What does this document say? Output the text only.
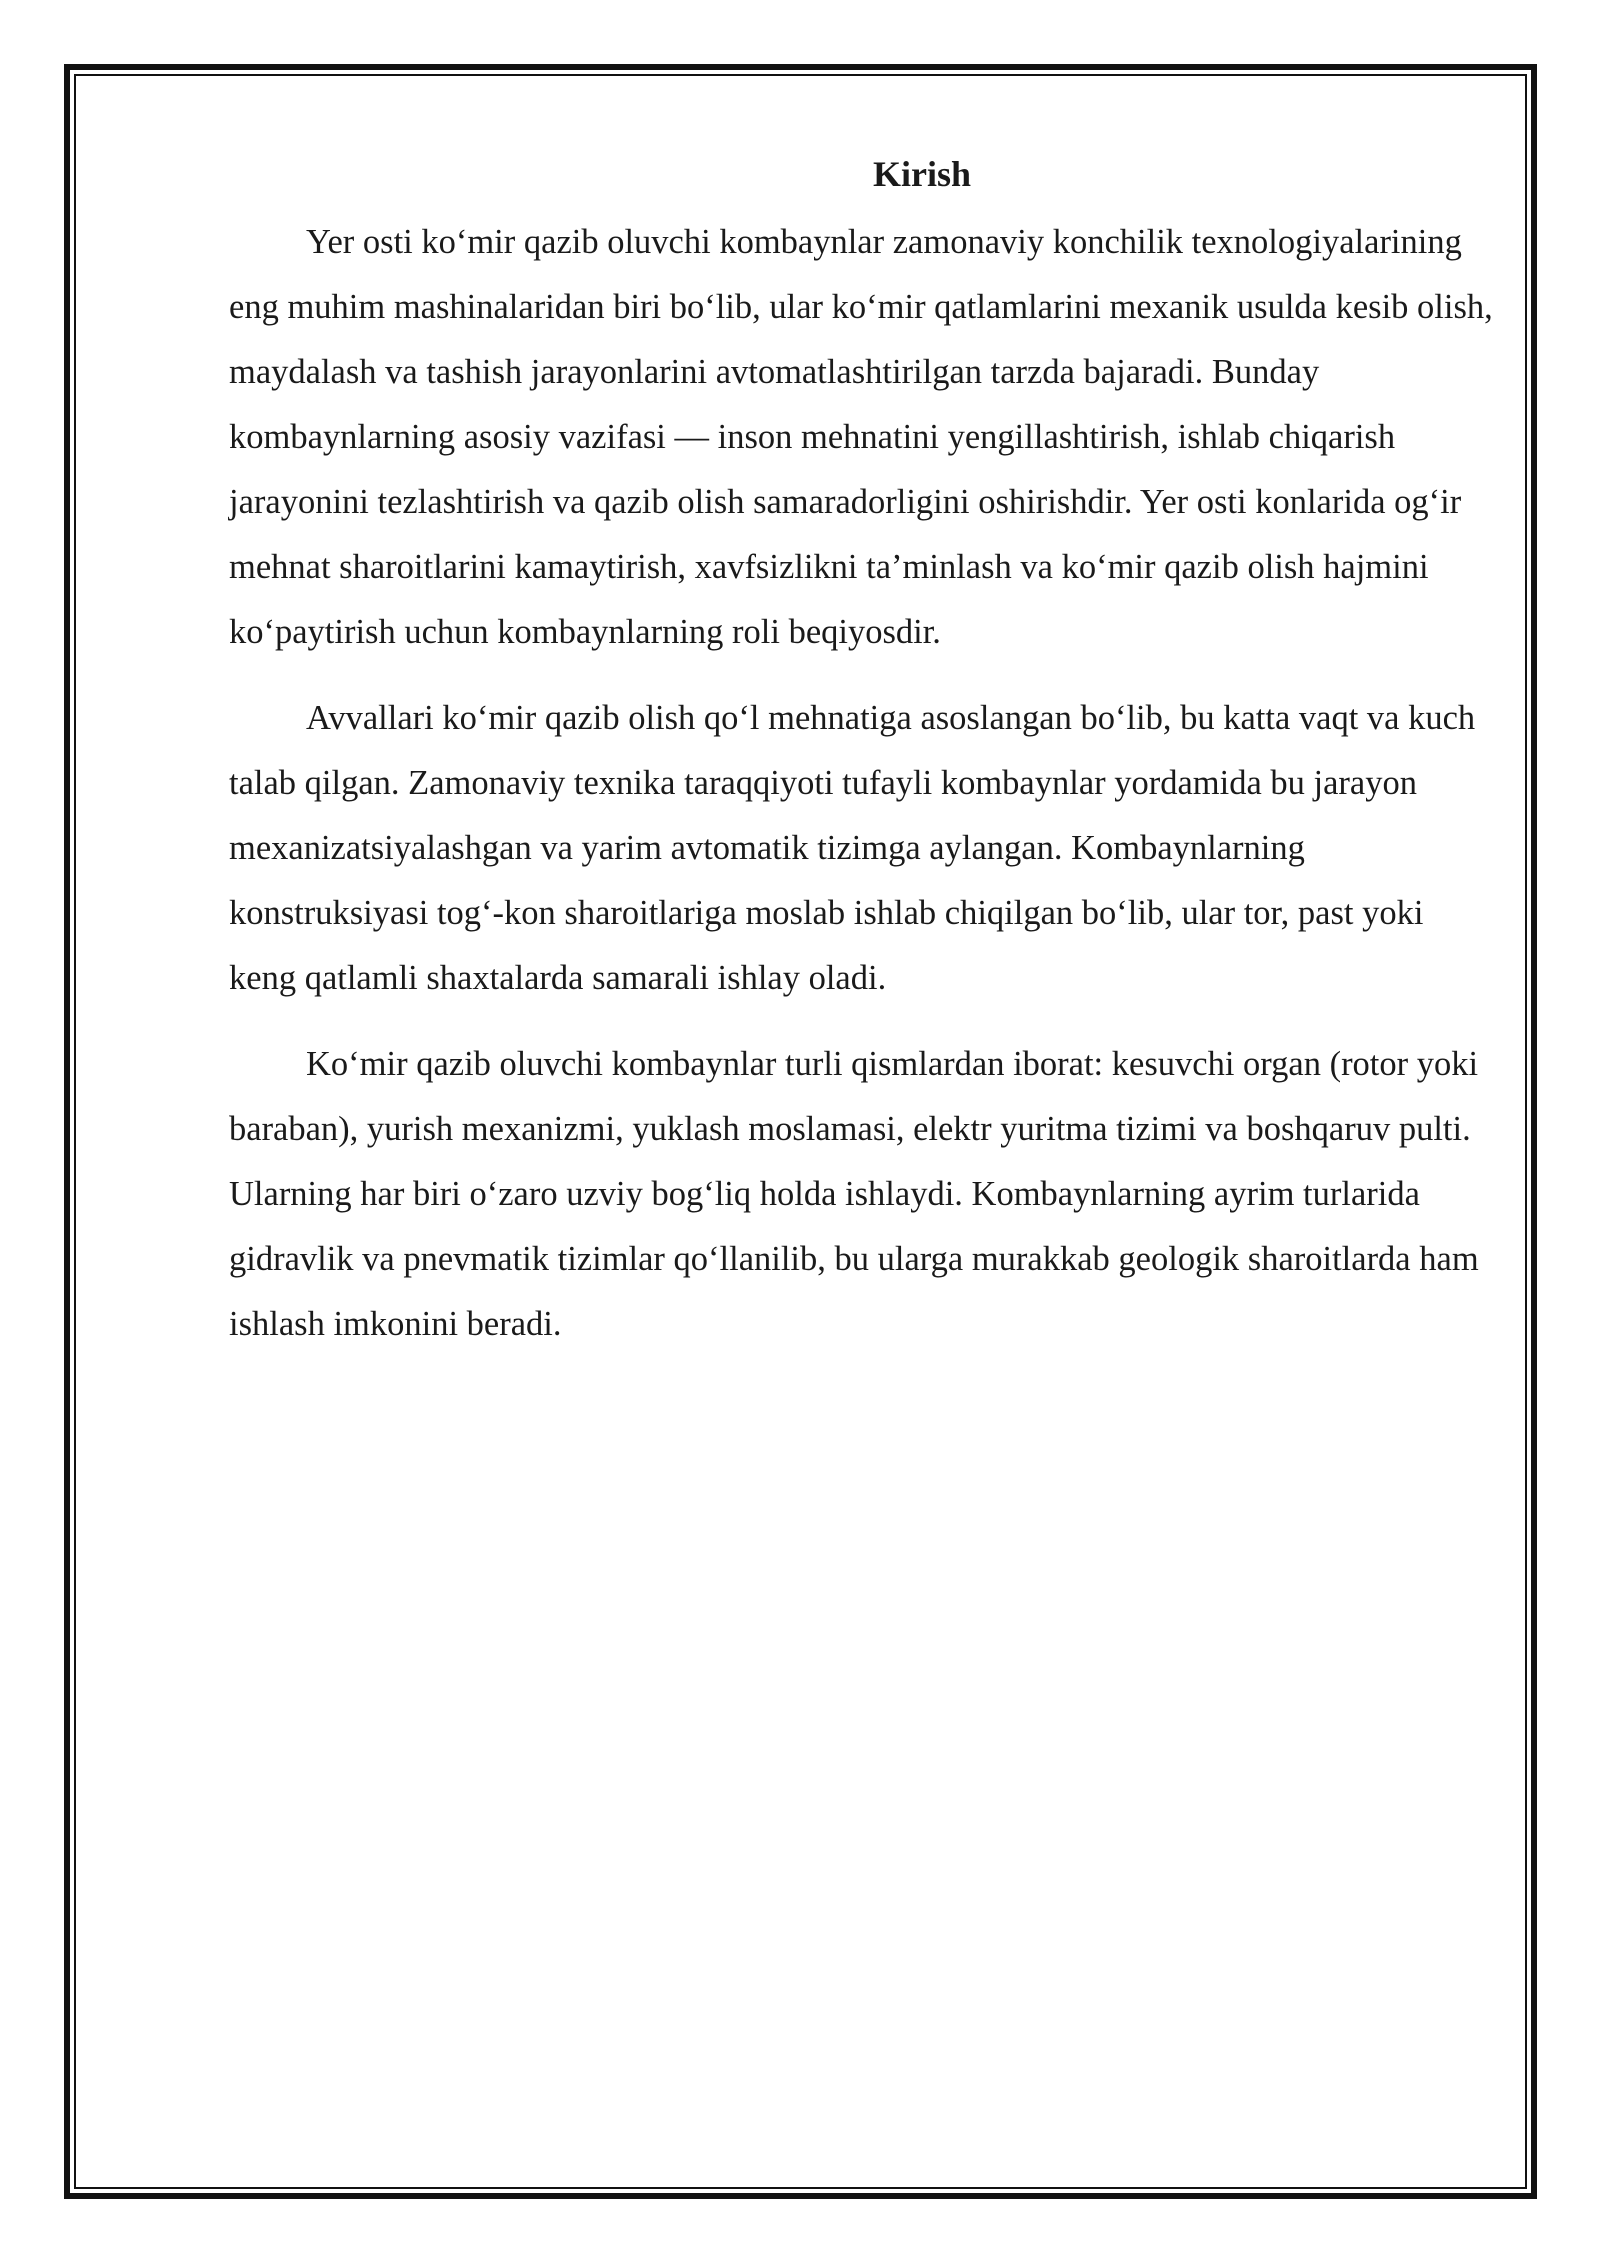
Kirish

Yer osti ko‘mir qazib oluvchi kombaynlar zamonaviy konchilik texnologiyalarining eng muhim mashinalaridan biri bo‘lib, ular ko‘mir qatlamlarini mexanik usulda kesib olish, maydalash va tashish jarayonlarini avtomatlashtirilgan tarzda bajaradi. Bunday kombaynlarning asosiy vazifasi — inson mehnatini yengillashtirish, ishlab chiqarish jarayonini tezlashtirish va qazib olish samaradorligini oshirishdir. Yer osti konlarida og‘ir mehnat sharoitlarini kamaytirish, xavfsizlikni ta’minlash va ko‘mir qazib olish hajmini ko‘paytirish uchun kombaynlarning roli beqiyosdir.

Avvallari ko‘mir qazib olish qo‘l mehnatiga asoslangan bo‘lib, bu katta vaqt va kuch talab qilgan. Zamonaviy texnika taraqqiyoti tufayli kombaynlar yordamida bu jarayon mexanizatsiyalashgan va yarim avtomatik tizimga aylangan. Kombaynlarning konstruksiyasi tog‘-kon sharoitlariga moslab ishlab chiqilgan bo‘lib, ular tor, past yoki keng qatlamli shaxtalarda samarali ishlay oladi.

Ko‘mir qazib oluvchi kombaynlar turli qismlardan iborat: kesuvchi organ (rotor yoki baraban), yurish mexanizmi, yuklash moslamasi, elektr yuritma tizimi va boshqaruv pulti. Ularning har biri o‘zaro uzviy bog‘liq holda ishlaydi. Kombaynlarning ayrim turlarida gidravlik va pnevmatik tizimlar qo‘llanilib, bu ularga murakkab geologik sharoitlarda ham ishlash imkonini beradi.
